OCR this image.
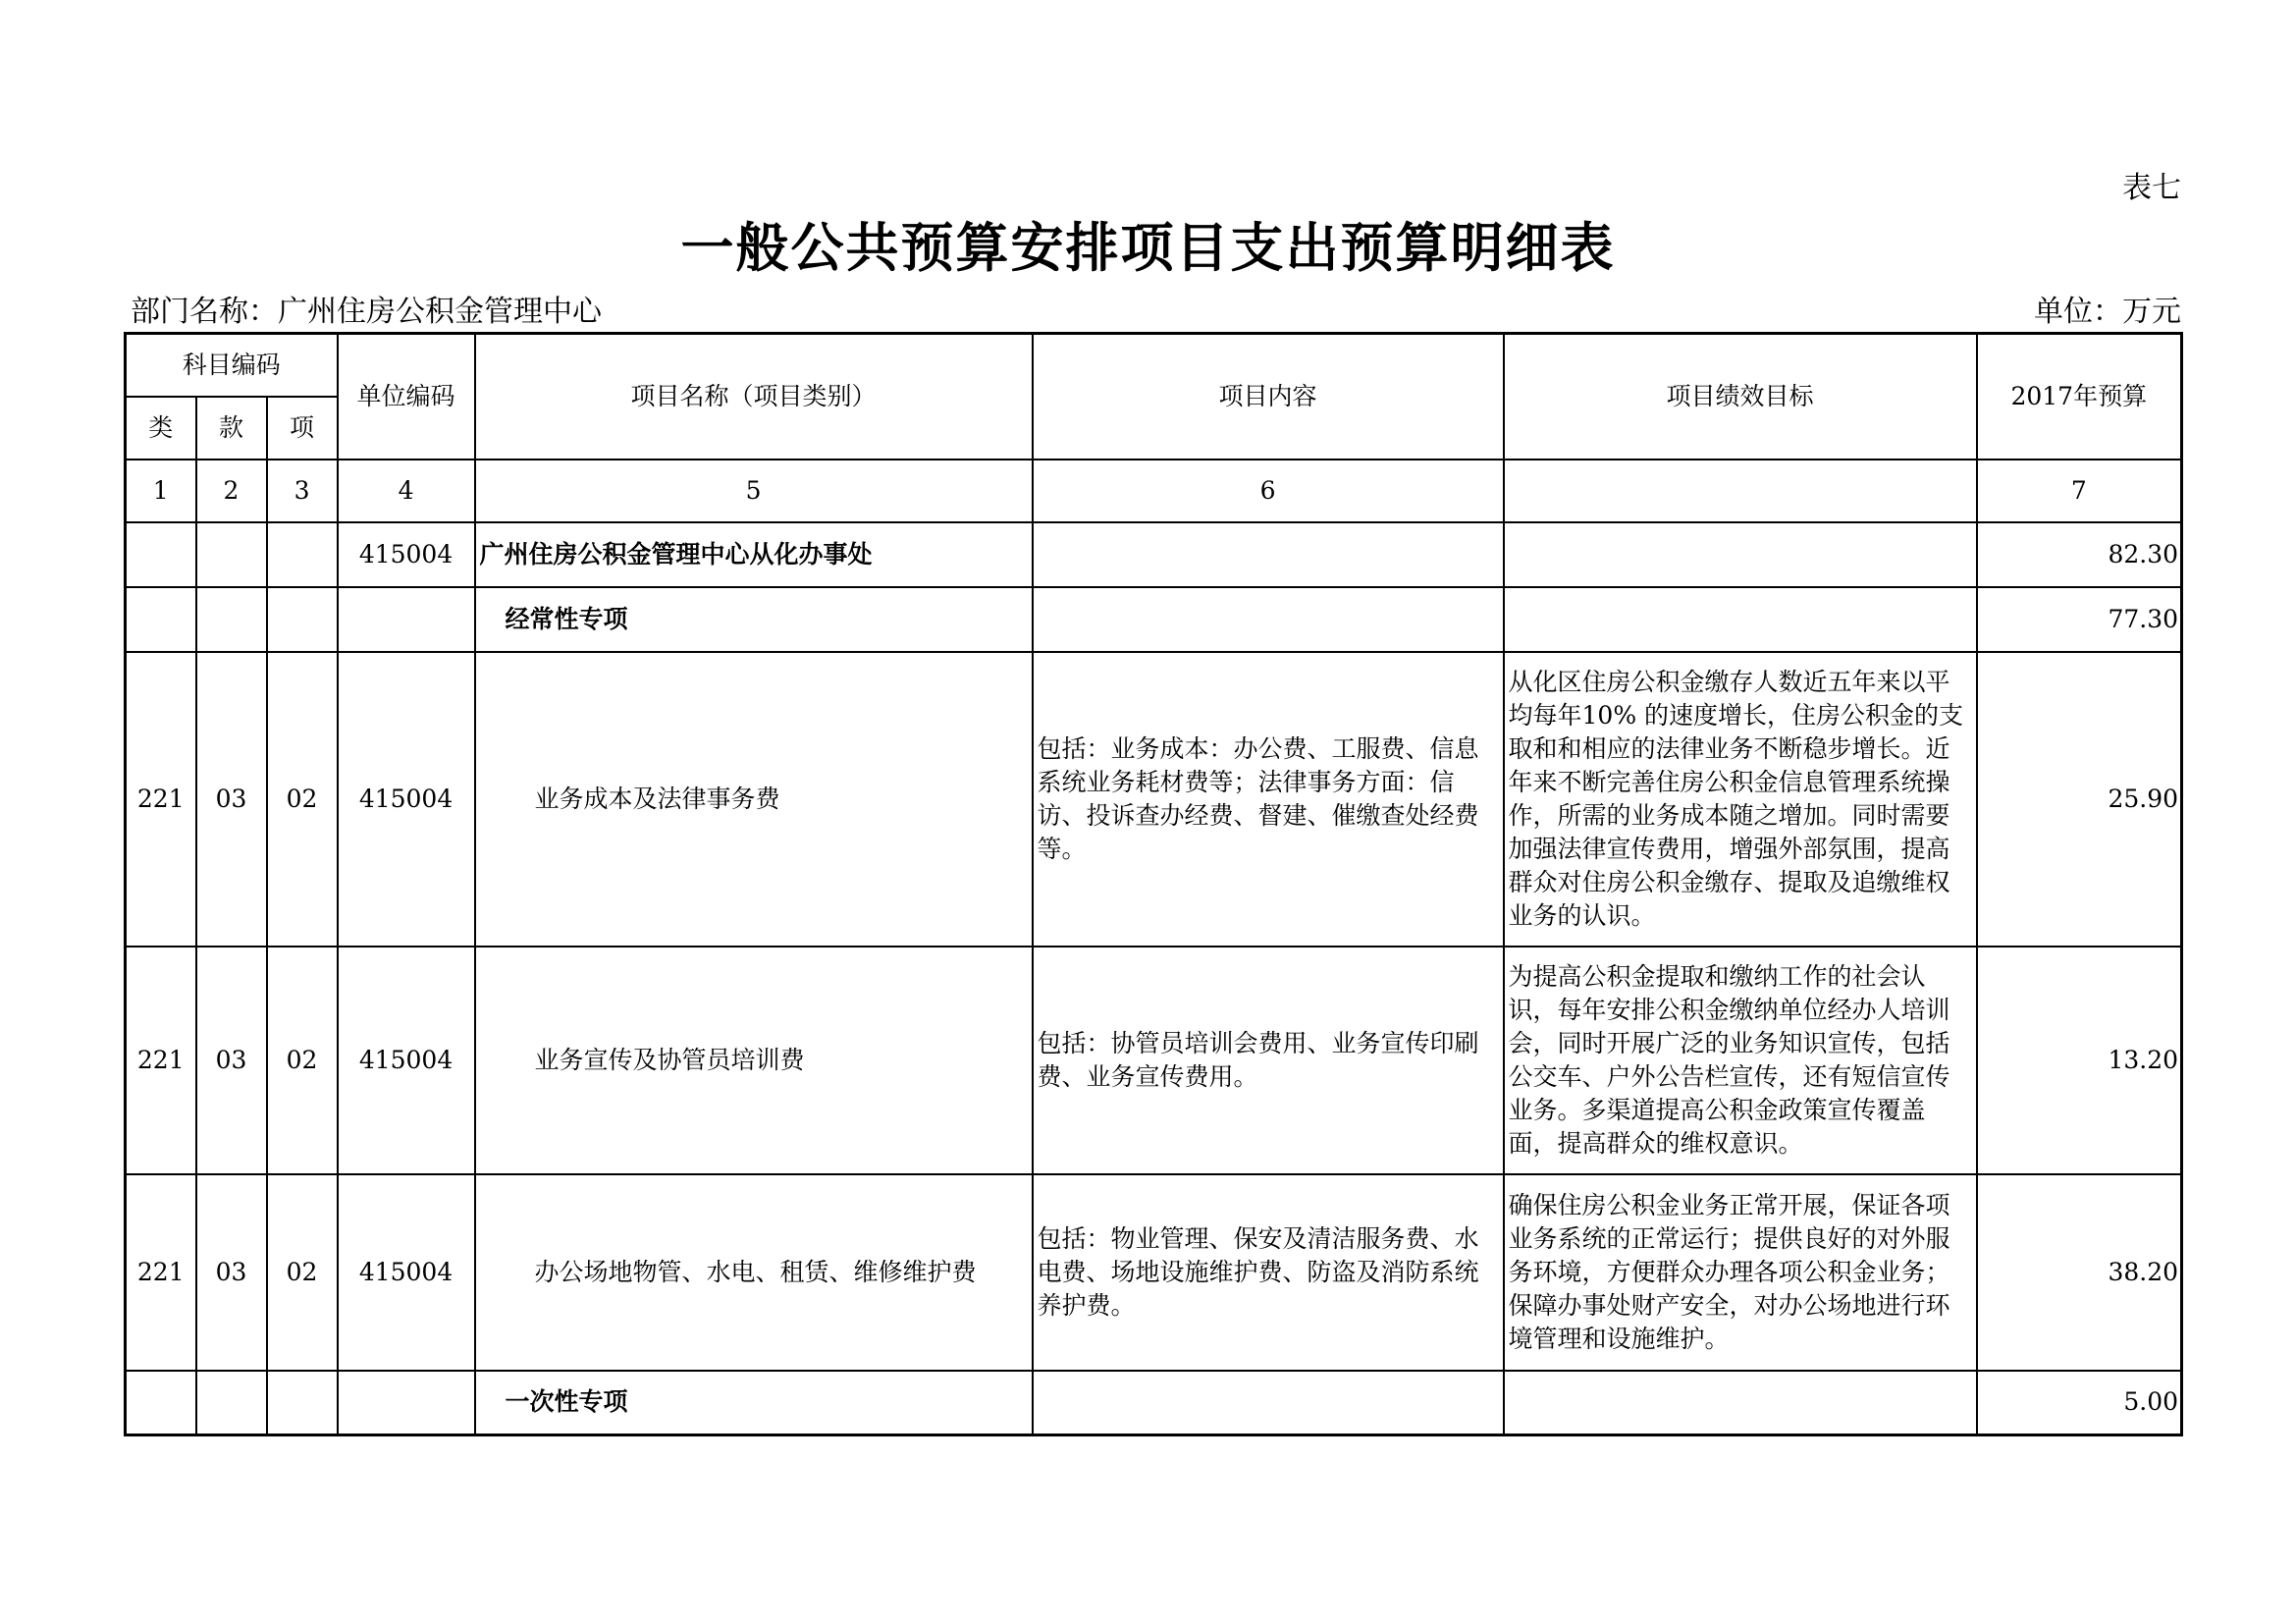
表七
一般公共预算安排项目支出预算明细表
部门名称：广州住房公积金管理中心	单位：万元
科目编码			单位编码	项目名称（项目类别）	项目内容	项目绩效目标	2017年预算
类	款	项					
1	2	3	4	5	6		7
			415004	广州住房公积金管理中心从化办事处			82.30
				经常性专项			77.30
221	03	02	415004	业务成本及法律事务费	包括：业务成本：办公费、工服费、信息系统业务耗材费等；法律事务方面：信访、投诉查办经费、督建、催缴查处经费等。	从化区住房公积金缴存人数近五年来以平均每年10% 的速度增长，住房公积金的支取和和相应的法律业务不断稳步增长。近年来不断完善住房公积金信息管理系统操作，所需的业务成本随之增加。同时需要加强法律宣传费用，增强外部氛围，提高群众对住房公积金缴存、提取及追缴维权业务的认识。	25.90
221	03	02	415004	业务宣传及协管员培训费	包括：协管员培训会费用、业务宣传印刷费、业务宣传费用。	为提高公积金提取和缴纳工作的社会认识，每年安排公积金缴纳单位经办人培训会，同时开展广泛的业务知识宣传，包括公交车、户外公告栏宣传，还有短信宣传业务。多渠道提高公积金政策宣传覆盖面，提高群众的维权意识。	13.20
221	03	02	415004	办公场地物管、水电、租赁、维修维护费	包括：物业管理、保安及清洁服务费、水电费、场地设施维护费、防盗及消防系统养护费。	确保住房公积金业务正常开展，保证各项业务系统的正常运行；提供良好的对外服务环境，方便群众办理各项公积金业务；保障办事处财产安全，对办公场地进行环境管理和设施维护。	38.20
				一次性专项			5.00
